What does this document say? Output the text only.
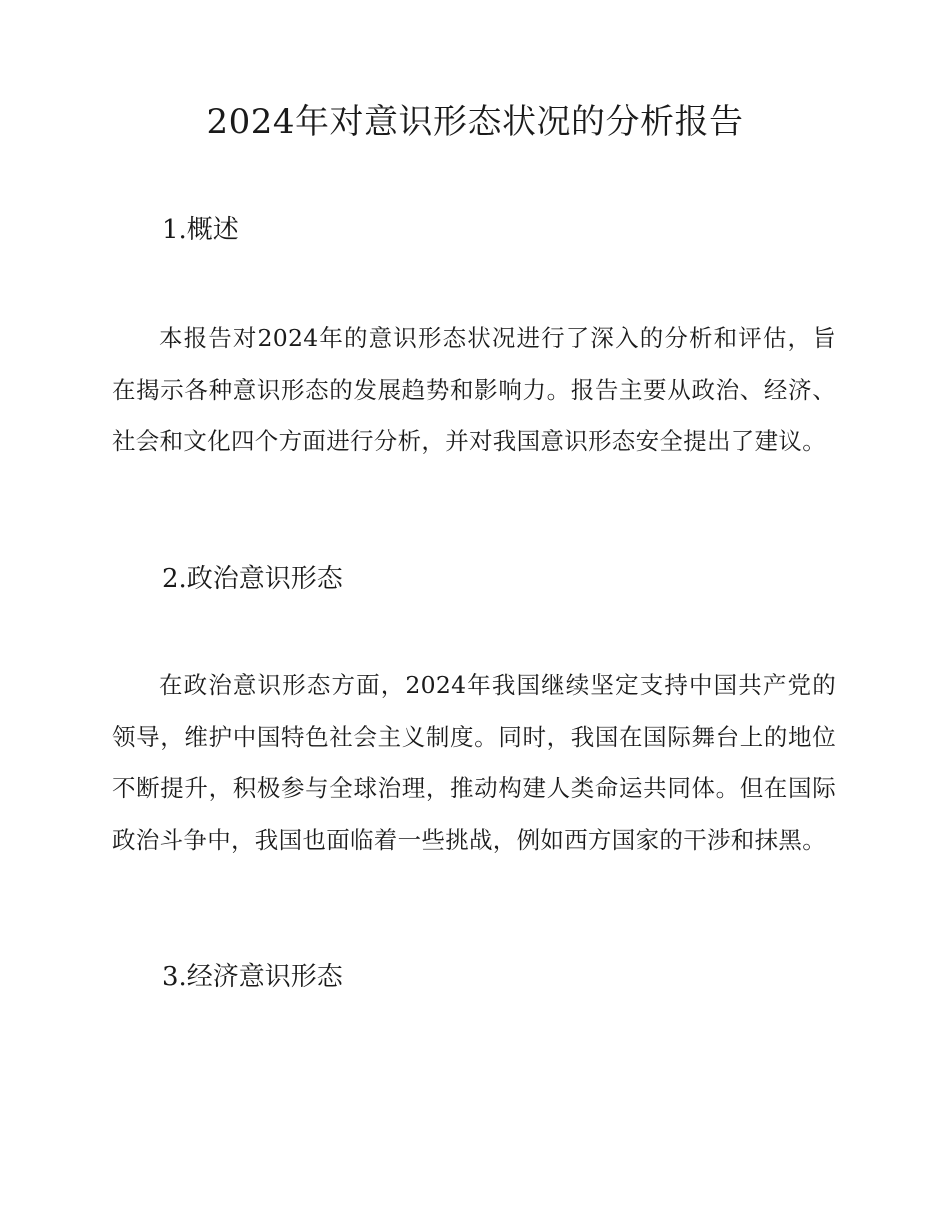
2024年对意识形态状况的分析报告
1.概述

本报告对2024年的意识形态状况进行了深入的分析和评估，旨在揭示各种意识形态的发展趋势和影响力。报告主要从政治、经济、社会和文化四个方面进行分析，并对我国意识形态安全提出了建议。

2.政治意识形态

在政治意识形态方面，2024年我国继续坚定支持中国共产党的领导，维护中国特色社会主义制度。同时，我国在国际舞台上的地位不断提升，积极参与全球治理，推动构建人类命运共同体。但在国际政治斗争中，我国也面临着一些挑战，例如西方国家的干涉和抹黑。

3.经济意识形态
